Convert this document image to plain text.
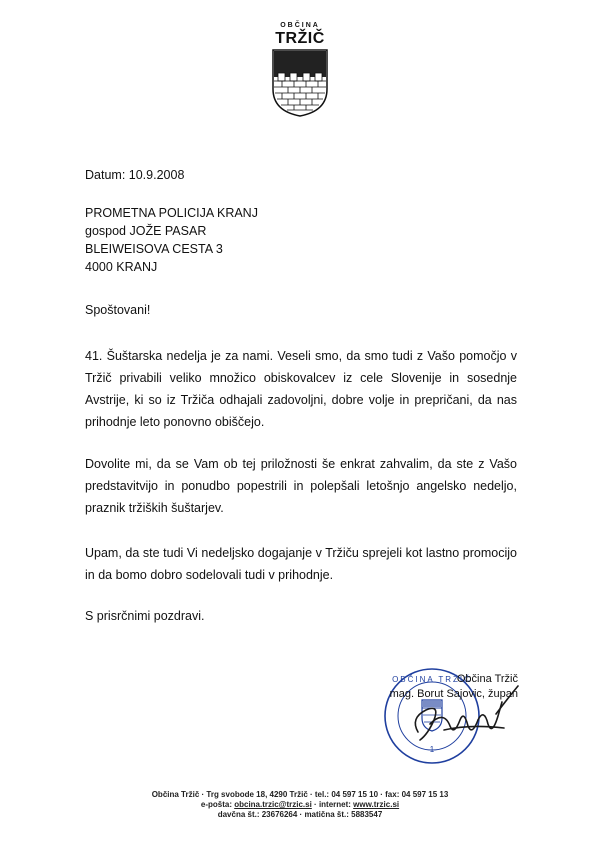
OBČINA
TRŽIČ
Datum: 10.9.2008
PROMETNA POLICIJA KRANJ
gospod JOŽE PASAR
BLEIWEISOVA CESTA 3
4000 KRANJ
Spoštovani!
41. Šuštarska nedelja je za nami. Veseli smo, da smo tudi z Vašo pomočjo v Tržič privabili veliko množico obiskovalcev iz cele Slovenije in sosednje Avstrije, ki so iz Tržiča odhajali zadovoljni, dobre volje in prepričani, da nas prihodnje leto ponovno obiščejo.
Dovolite mi, da se Vam ob tej priložnosti še enkrat zahvalim, da ste z Vašo predstavitvijo in ponudbo popestrili in polepšali letošnjo angelsko nedeljo, praznik tržiških šuštarjev.
Upam, da ste tudi Vi nedeljsko dogajanje v Tržiču sprejeli kot lastno promocijo in da bomo dobro sodelovali tudi v prihodnje.
S prisrčnimi pozdravi.
1
OBČINA TRŽIČ
Občina Tržič
mag. Borut Sajovic, župan
Občina Tržič · Trg svobode 18, 4290 Tržič · tel.: 04 597 15 10 · fax: 04 597 15 13
e-pošta: obcina.trzic@trzic.si · internet: www.trzic.si
davčna št.: 23676264 · matična št.: 5883547
